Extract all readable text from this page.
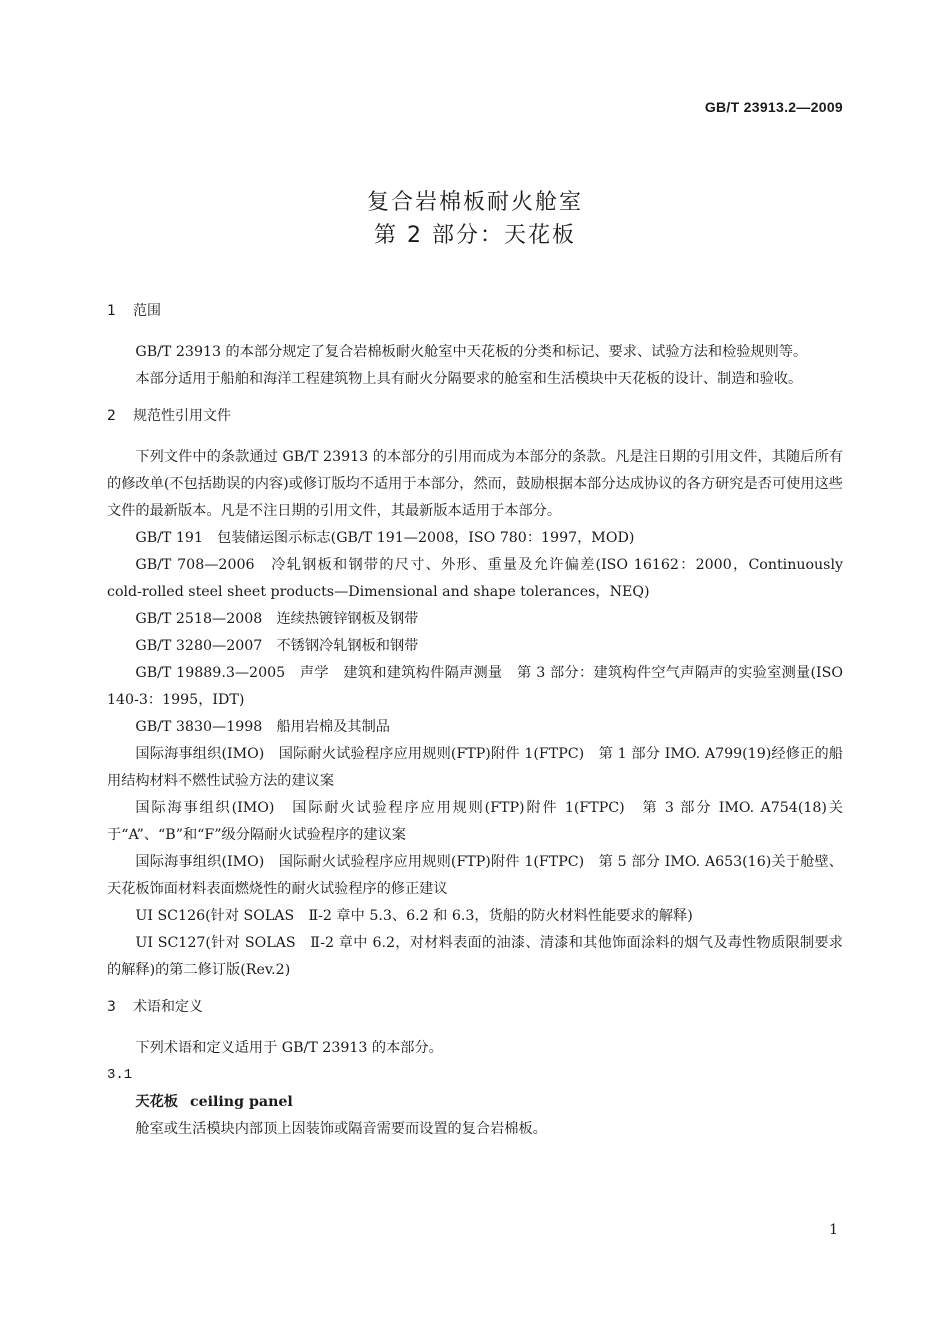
GB/T 23913.2—2009
复合岩棉板耐火舱室
第 2 部分：天花板
1 范围

GB/T 23913 的本部分规定了复合岩棉板耐火舱室中天花板的分类和标记、要求、试验方法和检验规则等。

本部分适用于船舶和海洋工程建筑物上具有耐火分隔要求的舱室和生活模块中天花板的设计、制造和验收。

2 规范性引用文件

下列文件中的条款通过 GB/T 23913 的本部分的引用而成为本部分的条款。凡是注日期的引用文件，其随后所有的修改单(不包括勘误的内容)或修订版均不适用于本部分，然而，鼓励根据本部分达成协议的各方研究是否可使用这些文件的最新版本。凡是不注日期的引用文件，其最新版本适用于本部分。

GB/T 191　包装储运图示标志(GB/T 191—2008，ISO 780：1997，MOD)

GB/T 708—2006　冷轧钢板和钢带的尺寸、外形、重量及允许偏差(ISO 16162：2000，Continuously cold-rolled steel sheet products—Dimensional and shape tolerances，NEQ)

GB/T 2518—2008　连续热镀锌钢板及钢带

GB/T 3280—2007　不锈钢冷轧钢板和钢带

GB/T 19889.3—2005　声学　建筑和建筑构件隔声测量　第 3 部分：建筑构件空气声隔声的实验室测量(ISO 140-3：1995，IDT)

GB/T 3830—1998　船用岩棉及其制品

国际海事组织(IMO)　国际耐火试验程序应用规则(FTP)附件 1(FTPC)　第 1 部分 IMO. A799(19)经修正的船用结构材料不燃性试验方法的建议案

国际海事组织(IMO)　国际耐火试验程序应用规则(FTP)附件 1(FTPC)　第 3 部分 IMO. A754(18)关于“A”、“B”和“F”级分隔耐火试验程序的建议案

国际海事组织(IMO)　国际耐火试验程序应用规则(FTP)附件 1(FTPC)　第 5 部分 IMO. A653(16)关于舱壁、天花板饰面材料表面燃烧性的耐火试验程序的修正建议

UI SC126(针对 SOLAS　Ⅱ-2 章中 5.3、6.2 和 6.3，货船的防火材料性能要求的解释)

UI SC127(针对 SOLAS　Ⅱ-2 章中 6.2，对材料表面的油漆、清漆和其他饰面涂料的烟气及毒性物质限制要求的解释)的第二修订版(Rev.2)

3 术语和定义

下列术语和定义适用于 GB/T 23913 的本部分。

3.1

天花板 ceiling panel

舱室或生活模块内部顶上因装饰或隔音需要而设置的复合岩棉板。

1
